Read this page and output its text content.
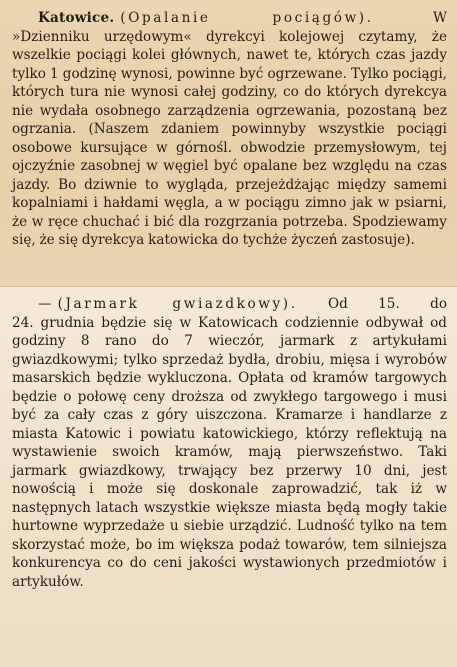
Katowice. (Opalanie pociągów).	W
»Dzienniku urzędowym« dyrekcyi kolejowej czytamy, że wszelkie pociągi kolei głównych, nawet te, których czas jazdy tylko 1 godzinę wynosi, powinne być ogrzewane. Tylko pociągi, których tura nie wynosi całej godziny, co do których dyrekcya nie wydała osobnego zarządzenia ogrzewania, pozostaną bez ogrzania. (Naszem zdaniem powinnyby wszystkie pociągi osobowe kursujące w górnośl. obwodzie przemysłowym, tej ojczyźnie zasobnej w węgiel być opalane bez względu na czas jazdy. Bo dziwnie to wygląda, przejeżdżając między samemi kopalniami i hałdami węgla, a w pociągu zimno jak w psiarni, że w ręce chuchać i bić dla rozgrzania potrzeba. Spodziewamy się, że się dyrekcya katowicka do tychże życzeń zastosuje).

— (Jarmark gwiazdkowy). Od 15. do
24. grudnia będzie się w Katowicach codziennie odbywał od godziny 8 rano do 7 wieczór, jarmark z artykułami gwiazdkowymi; tylko sprzedaż bydła, drobiu, mięsa i wyrobów masarskich będzie wykluczona. Opłata od kramów targowych będzie o połowę ceny droższa od zwykłego targowego i musi być za cały czas z góry uiszczona. Kramarze i handlarze z miasta Katowic i powiatu katowickiego, którzy reflektują na wystawienie swoich kramów, mają pierwszeństwo. Taki jarmark gwiazdkowy, trwający bez przerwy 10 dni, jest nowością i może się doskonale zaprowadzić, tak iż w następnych latach wszystkie większe miasta będą mogły takie hurtowne wyprzedaże u siebie urządzić. Ludność tylko na tem skorzystać może, bo im większa podaż towarów, tem silniejsza konkurencya co do ceni jakości wystawionych przedmiotów i artykułów.
